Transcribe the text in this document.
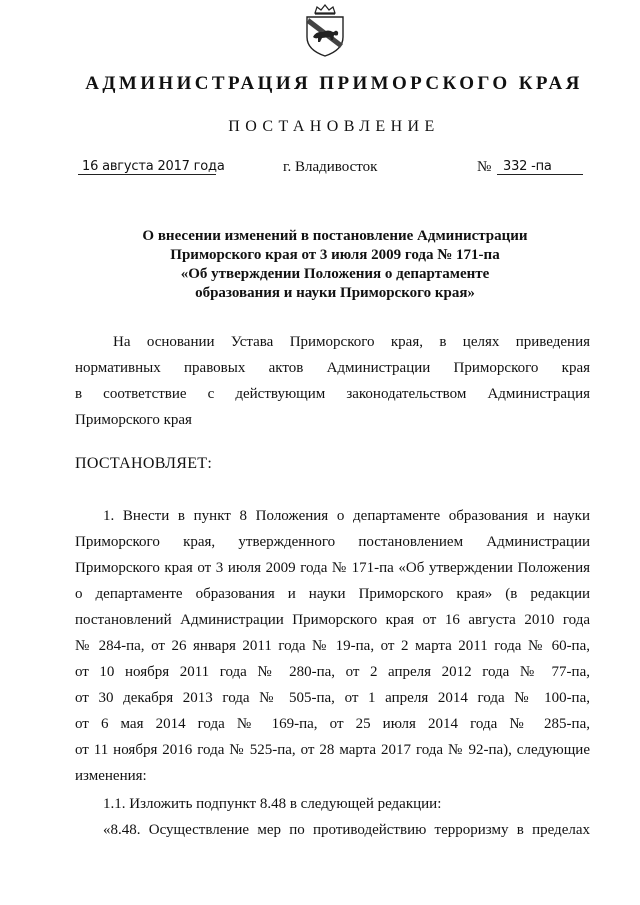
АДМИНИСТРАЦИЯ ПРИМОРСКОГО КРАЯ
ПОСТАНОВЛЕНИЕ
16 августа 2017 года	г. Владивосток	№ 332 -па
О внесении изменений в постановление Администрации
Приморского края от 3 июля 2009 года № 171-па
«Об утверждении Положения о департаменте
образования и науки Приморского края»
На основании Устава Приморского края, в целях приведения
нормативных правовых актов Администрации Приморского края
в соответствие с действующим законодательством Администрация
Приморского края
ПОСТАНОВЛЯЕТ:
1. Внести в пункт 8 Положения о департаменте образования и науки
Приморского края, утвержденного постановлением Администрации
Приморского края от 3 июля 2009 года № 171-па «Об утверждении Положения
о департаменте образования и науки Приморского края» (в редакции
постановлений Администрации Приморского края от 16 августа 2010 года
№ 284-па, от 26 января 2011 года № 19-па, от 2 марта 2011 года № 60-па,
от 10 ноября 2011 года № 280-па, от 2 апреля 2012 года № 77-па,
от 30 декабря 2013 года № 505-па, от 1 апреля 2014 года № 100-па,
от 6 мая 2014 года № 169-па, от 25 июля 2014 года № 285-па,
от 11 ноября 2016 года № 525-па, от 28 марта 2017 года № 92-па), следующие
изменения:
1.1. Изложить подпункт 8.48 в следующей редакции:
«8.48. Осуществление мер по противодействию терроризму в пределах
